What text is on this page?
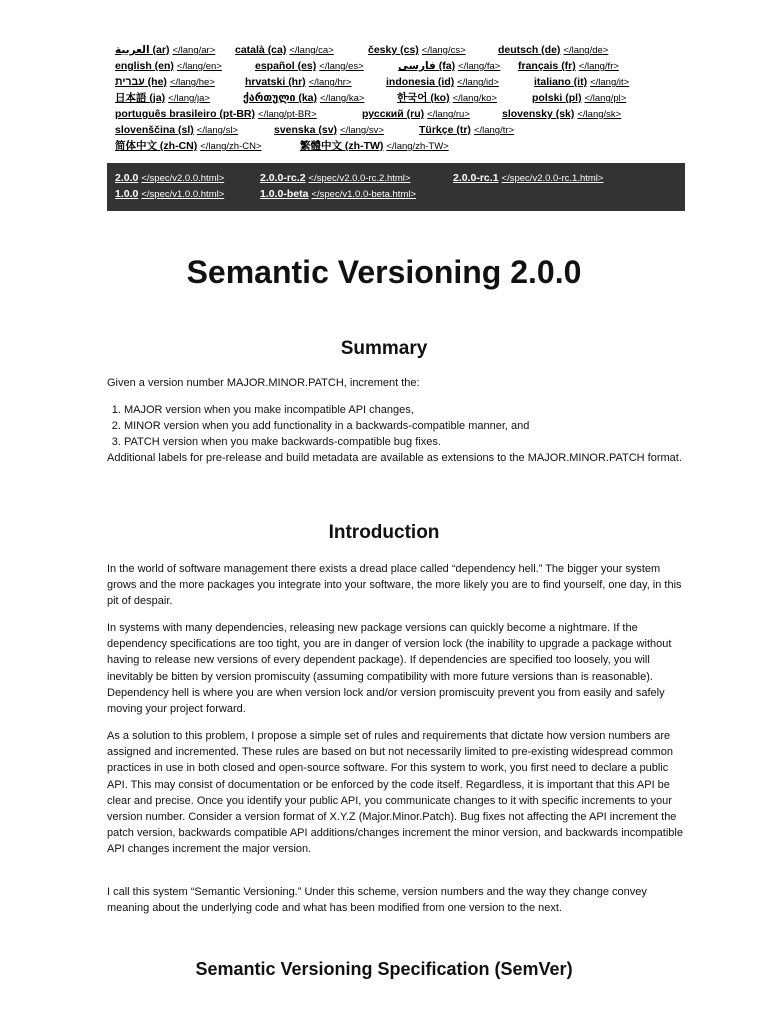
العربية (ar) </lang/ar>	català (ca) </lang/ca>	česky (cs) </lang/cs>	deutsch (de) </lang/de>
english (en) </lang/en>	español (es) </lang/es>	فارسی (fa) </lang/fa>	français (fr) </lang/fr>
עברית (he) </lang/he>	hrvatski (hr) </lang/hr>	indonesia (id) </lang/id>	italiano (it) </lang/it>
日本語 (ja) </lang/ja>	ქართული (ka) </lang/ka>	한국어 (ko) </lang/ko>	polski (pl) </lang/pl>
português brasileiro (pt-BR) </lang/pt-BR>	русский (ru) </lang/ru>	slovensky (sk) </lang/sk>
slovenščina (sl) </lang/sl>	svenska (sv) </lang/sv>	Türkçe (tr) </lang/tr>
简体中文 (zh-CN) </lang/zh-CN>	繁體中文 (zh-TW) </lang/zh-TW>
2.0.0 </spec/v2.0.0.html>	2.0.0-rc.2 </spec/v2.0.0-rc.2.html>	2.0.0-rc.1 </spec/v2.0.0-rc.1.html>
1.0.0 </spec/v1.0.0.html>	1.0.0-beta </spec/v1.0.0-beta.html>
Semantic Versioning 2.0.0
Summary

Given a version number MAJOR.MINOR.PATCH, increment the:

1. MAJOR version when you make incompatible API changes,
2. MINOR version when you add functionality in a backwards-compatible manner, and
3. PATCH version when you make backwards-compatible bug fixes.

Additional labels for pre-release and build metadata are available as extensions to the MAJOR.MINOR.PATCH format.

Introduction

In the world of software management there exists a dread place called “dependency hell.” The bigger your system grows and the more packages you integrate into your software, the more likely you are to find yourself, one day, in this pit of despair.

In systems with many dependencies, releasing new package versions can quickly become a nightmare. If the dependency specifications are too tight, you are in danger of version lock (the inability to upgrade a package without having to release new versions of every dependent package). If dependencies are specified too loosely, you will inevitably be bitten by version promiscuity (assuming compatibility with more future versions than is reasonable). Dependency hell is where you are when version lock and/or version promiscuity prevent you from easily and safely moving your project forward.

As a solution to this problem, I propose a simple set of rules and requirements that dictate how version numbers are assigned and incremented. These rules are based on but not necessarily limited to pre-existing widespread common practices in use in both closed and open-source software. For this system to work, you first need to declare a public API. This may consist of documentation or be enforced by the code itself. Regardless, it is important that this API be clear and precise. Once you identify your public API, you communicate changes to it with specific increments to your version number. Consider a version format of X.Y.Z (Major.Minor.Patch). Bug fixes not affecting the API increment the patch version, backwards compatible API additions/changes increment the minor version, and backwards incompatible API changes increment the major version.

I call this system “Semantic Versioning.” Under this scheme, version numbers and the way they change convey meaning about the underlying code and what has been modified from one version to the next.

Semantic Versioning Specification (SemVer)
